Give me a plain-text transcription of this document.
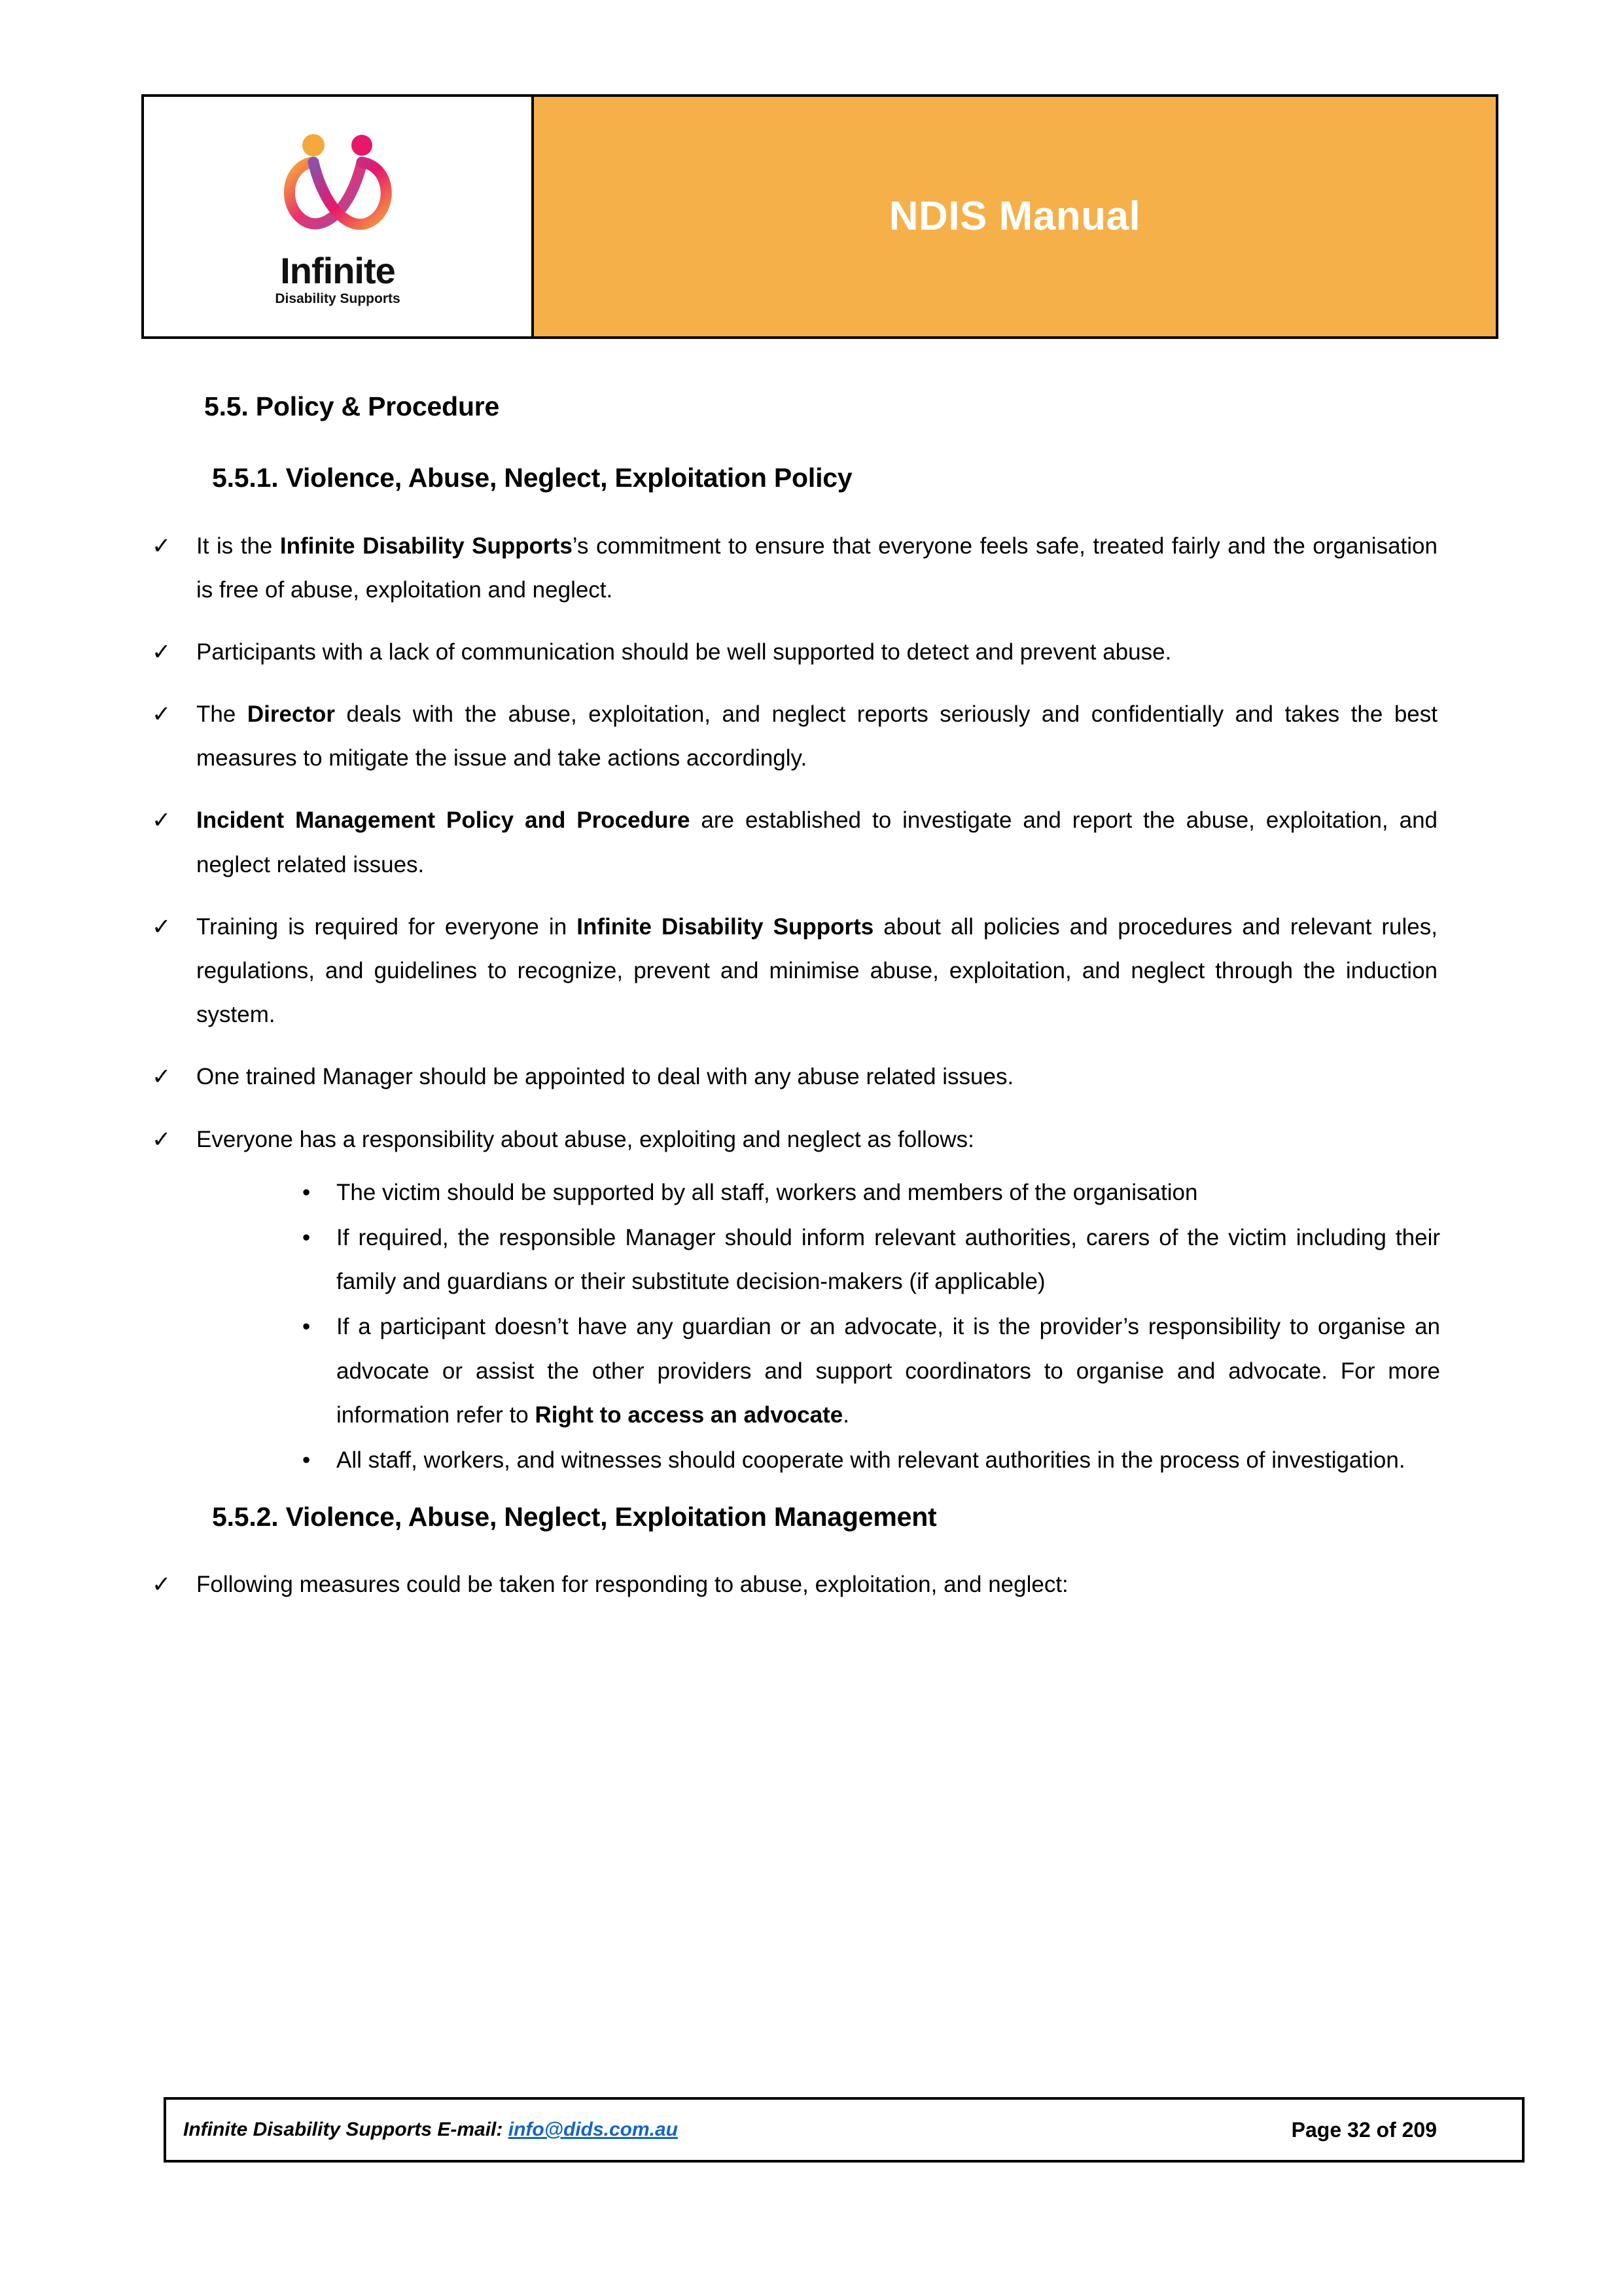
Infinite
Disability Supports
NDIS Manual
5.5. Policy & Procedure
5.5.1. Violence, Abuse, Neglect, Exploitation Policy
✓ It is the Infinite Disability Supports’s commitment to ensure that everyone feels safe, treated fairly and the organisation is free of abuse, exploitation and neglect.
✓ Participants with a lack of communication should be well supported to detect and prevent abuse.
✓ The Director deals with the abuse, exploitation, and neglect reports seriously and confidentially and takes the best measures to mitigate the issue and take actions accordingly.
✓ Incident Management Policy and Procedure are established to investigate and report the abuse, exploitation, and neglect related issues.
✓ Training is required for everyone in Infinite Disability Supports about all policies and procedures and relevant rules, regulations, and guidelines to recognize, prevent and minimise abuse, exploitation, and neglect through the induction system.
✓ One trained Manager should be appointed to deal with any abuse related issues.
✓ Everyone has a responsibility about abuse, exploiting and neglect as follows:
• The victim should be supported by all staff, workers and members of the organisation
• If required, the responsible Manager should inform relevant authorities, carers of the victim including their family and guardians or their substitute decision-makers (if applicable)
• If a participant doesn’t have any guardian or an advocate, it is the provider’s responsibility to organise an advocate or assist the other providers and support coordinators to organise and advocate. For more information refer to Right to access an advocate.
• All staff, workers, and witnesses should cooperate with relevant authorities in the process of investigation.
5.5.2. Violence, Abuse, Neglect, Exploitation Management
✓ Following measures could be taken for responding to abuse, exploitation, and neglect:
Infinite Disability Supports E-mail: info@dids.com.au	Page 32 of 209
